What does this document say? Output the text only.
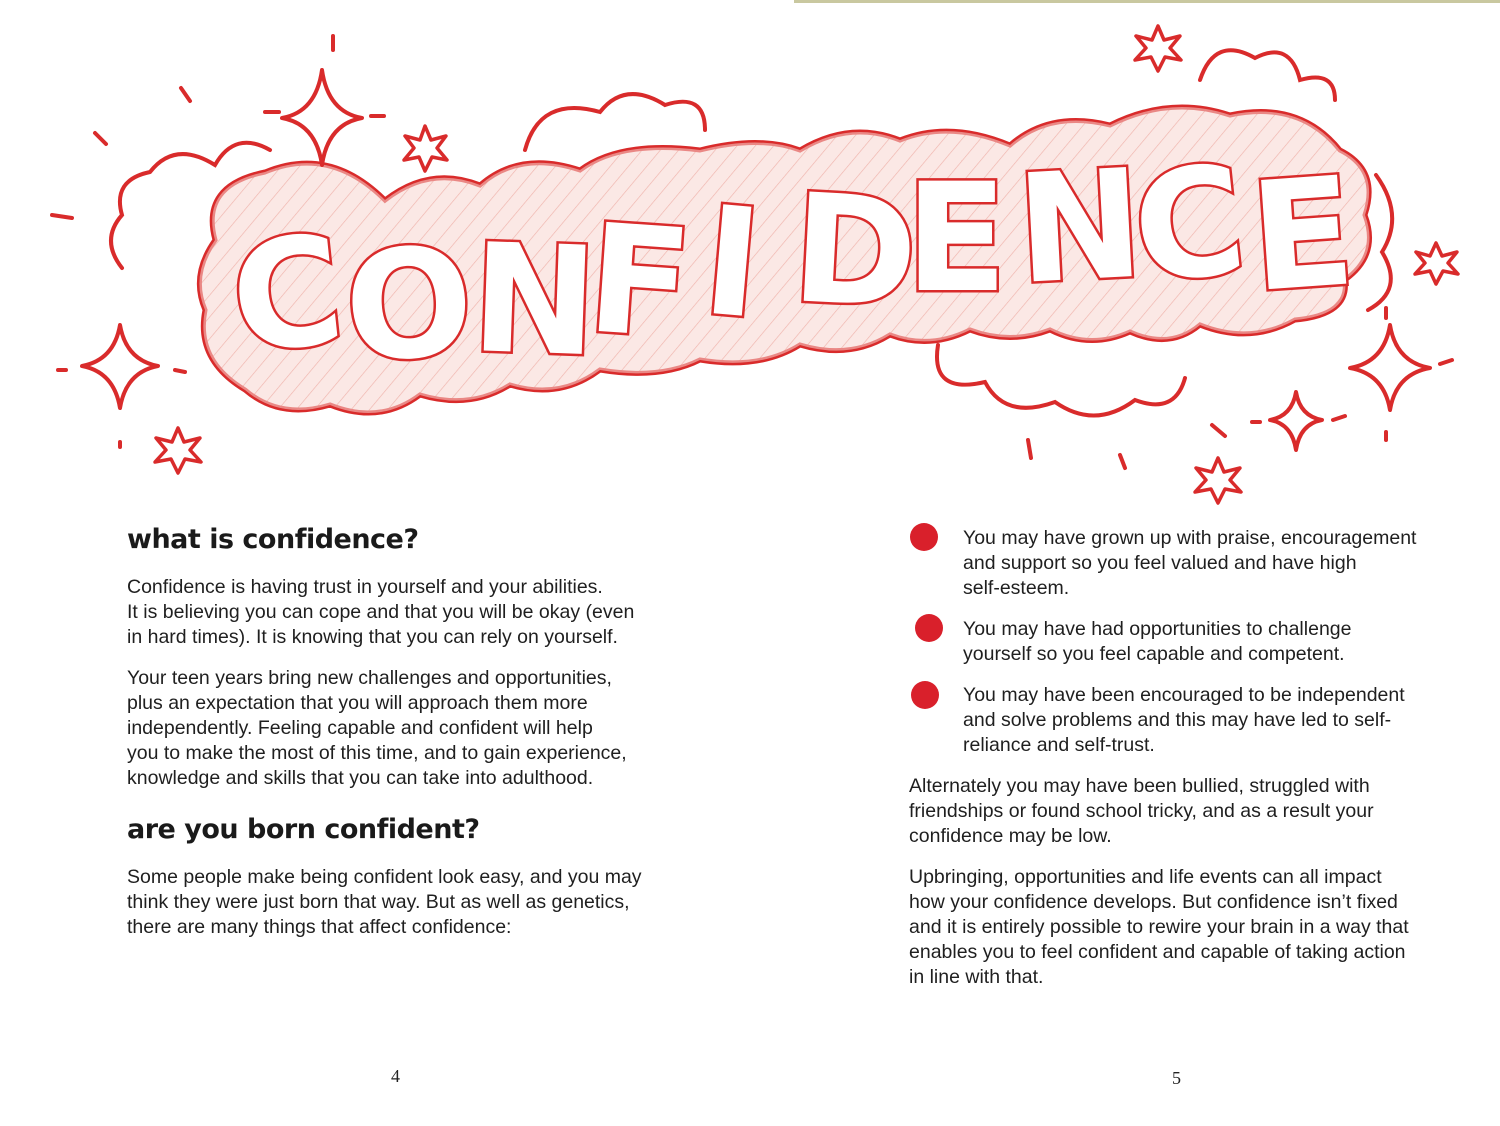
C
O
N
F I D
E N
C
E
what is confidence?

Confidence is having trust in yourself and your abilities.
It is believing you can cope and that you will be okay (even
in hard times). It is knowing that you can rely on yourself.

Your teen years bring new challenges and opportunities,
plus an expectation that you will approach them more
independently. Feeling capable and confident will help
you to make the most of this time, and to gain experience,
knowledge and skills that you can take into adulthood.

are you born confident?

Some people make being confident look easy, and you may
think they were just born that way. But as well as genetics,
there are many things that affect confidence:

4

You may have grown up with praise, encouragement
and support so you feel valued and have high
self-esteem.

You may have had opportunities to challenge
yourself so you feel capable and competent.

You may have been encouraged to be independent
and solve problems and this may have led to self-
reliance and self-trust.

Alternately you may have been bullied, struggled with
friendships or found school tricky, and as a result your
confidence may be low.

Upbringing, opportunities and life events can all impact
how your confidence develops. But confidence isn’t fixed
and it is entirely possible to rewire your brain in a way that
enables you to feel confident and capable of taking action
in line with that.

5
